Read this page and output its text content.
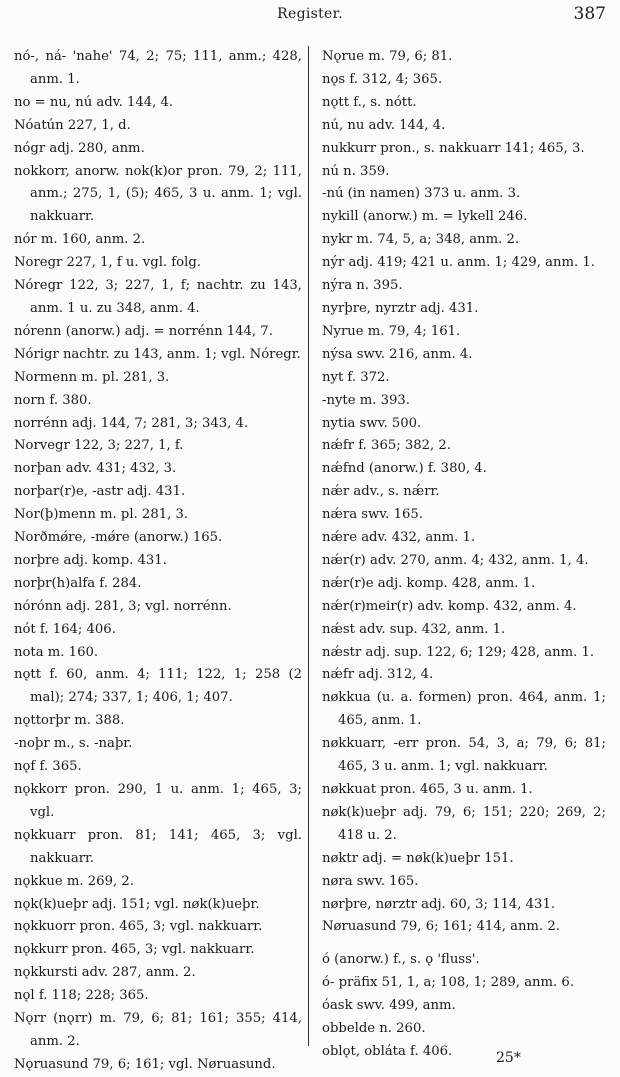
Register.	387
nó-, ná- 'nahe' 74, 2; 75; 111, anm.; 428, anm. 1.
no = nu, nú adv. 144, 4.
Nóatún 227, 1, d.
nógr adj. 280, anm.
nokkorr, anorw. nok(k)or pron. 79, 2; 111, anm.; 275, 1, (5); 465, 3 u. anm. 1; vgl. nakkuarr.
nór m. 160, anm. 2.
Noregr 227, 1, f u. vgl. folg.
Nóregr 122, 3; 227, 1, f; nachtr. zu 143, anm. 1 u. zu 348, anm. 4.
nórenn (anorw.) adj. = norrénn 144, 7.
Nórigr nachtr. zu 143, anm. 1; vgl. Nóregr.
Normenn m. pl. 281, 3.
norn f. 380.
norrénn adj. 144, 7; 281, 3; 343, 4.
Norvegr 122, 3; 227, 1, f.
norþan adv. 431; 432, 3.
norþar(r)e, -astr adj. 431.
Nor(þ)menn m. pl. 281, 3.
Norðmǿre, -mǿre (anorw.) 165.
norþre adj. komp. 431.
norþr(h)alfa f. 284.
nórónn adj. 281, 3; vgl. norrénn.
nót f. 164; 406.
nota m. 160.
nǫtt f. 60, anm. 4; 111; 122, 1; 258 (2 mal); 274; 337, 1; 406, 1; 407.
nǫttorþr m. 388.
-noþr m., s. -naþr.
nǫf f. 365.
nǫkkorr pron. 290, 1 u. anm. 1; 465, 3; vgl.
nǫkkuarr pron. 81; 141; 465, 3; vgl. nakkuarr.
nǫkkue m. 269, 2.
nǫk(k)ueþr adj. 151; vgl. nøk(k)ueþr.
nǫkkuorr pron. 465, 3; vgl. nakkuarr.
nǫkkurr pron. 465, 3; vgl. nakkuarr.
nǫkkursti adv. 287, anm. 2.
nǫl f. 118; 228; 365.
Nǫrr (nǫrr) m. 79, 6; 81; 161; 355; 414, anm. 2.
Nǫruasund 79, 6; 161; vgl. Nøruasund.
Nǫrue m. 79, 6; 81.
nǫs f. 312, 4; 365.
nǫtt f., s. nótt.
nú, nu adv. 144, 4.
nukkurr pron., s. nakkuarr 141; 465, 3.
nú n. 359.
-nú (in namen) 373 u. anm. 3.
nykill (anorw.) m. = lykell 246.
nykr m. 74, 5, a; 348, anm. 2.
nýr adj. 419; 421 u. anm. 1; 429, anm. 1.
nýra n. 395.
nyrþre, nyrztr adj. 431.
Nyrue m. 79, 4; 161.
nýsa swv. 216, anm. 4.
nyt f. 372.
-nyte m. 393.
nytia swv. 500.
nǽfr f. 365; 382, 2.
nǽfnd (anorw.) f. 380, 4.
nǽr adv., s. nǽrr.
nǽra swv. 165.
nǽre adv. 432, anm. 1.
nǽr(r) adv. 270, anm. 4; 432, anm. 1, 4.
nǽr(r)e adj. komp. 428, anm. 1.
nǽr(r)meir(r) adv. komp. 432, anm. 4.
nǽst adv. sup. 432, anm. 1.
nǽstr adj. sup. 122, 6; 129; 428, anm. 1.
nǽfr adj. 312, 4.
nøkkua (u. a. formen) pron. 464, anm. 1; 465, anm. 1.
nøkkuarr, -err pron. 54, 3, a; 79, 6; 81; 465, 3 u. anm. 1; vgl. nakkuarr.
nøkkuat pron. 465, 3 u. anm. 1.
nøk(k)ueþr adj. 79, 6; 151; 220; 269, 2; 418 u. 2.
nøktr adj. = nøk(k)ueþr 151.
nøra swv. 165.
nørþre, nørztr adj. 60, 3; 114, 431.
Nøruasund 79, 6; 161; 414, anm. 2.
ó (anorw.) f., s. ǫ 'fluss'.
ó- präfix 51, 1, a; 108, 1; 289, anm. 6.
óask swv. 499, anm.
obbelde n. 260.
oblǫt, obláta f. 406.	25*
